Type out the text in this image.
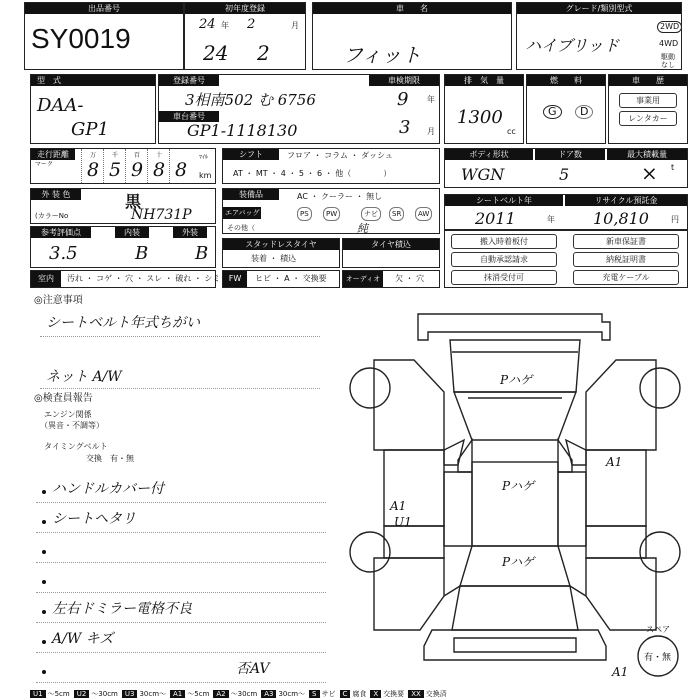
出品番号
SY0019
初年度登録
24 年 2	月
24 2
車　　名
フィット
グレード/類別型式
ハイブリッド
2WD
4WD
駆動
なし
型　式
DAA-
GP1
登録番号
3相南502 む 6756
車台番号
GP1-1118130
車検期限
9 年
3 月
排　気　量
1300
cc
燃　　料
G	D
車　　歴
事業用
レンタカー
走行距離
マーク
万
8
千
5
百
9
十
8 8
ﾏｲﾙ
km
シフト	フロア ・ コラム ・ ダッシュ
AT ・ MT ・ 4 ・ 5 ・ 6 ・ 他（　　　　）
ボディ形状	ドア数	最大積載量
WGN	5	× t
外 装 色	黒
(カラーNo	NH731P
装備品	AC ・ クーラー ・ 無し
エアバッグ	PS	PW	ナビ	SR	AW
その他（	純
シートベルト年	リサイクル預託金
2011	年 10,810	円
参考評価点	内装	外装
3.5	B	B	スタッドレスタイヤ
装着 ・ 積込
タイヤ積込	搬入時着板付	新車保証書
自動承認請求	納税証明書
抹消受付可	充電ケーブル
室内	汚れ ・ コゲ ・ 穴 ・ スレ ・ 破れ ・ シミ	FW	ヒビ ・ A ・ 交換要	オーディオ	欠 ・ 穴
◎注意事項
シートベルト年式ちがい
ネット A/W
◎検査員報告
エンジン関係
（異音・不調等）
タイミングベルト
交換　有・無
ハンドルカバー付
シートヘタリ
左右ドミラー電格不良
A/W キズ
否AV
Pハゲ
Pハゲ
Pハゲ
A1
A1
U1
A1
スペア
有・無
U1 ～5cm U2 ～30cm U3 30cm～ A1 ～5cm A2 ～30cm A3 30cm～ S サビ C 腐食 X 交換要 XX 交換済
